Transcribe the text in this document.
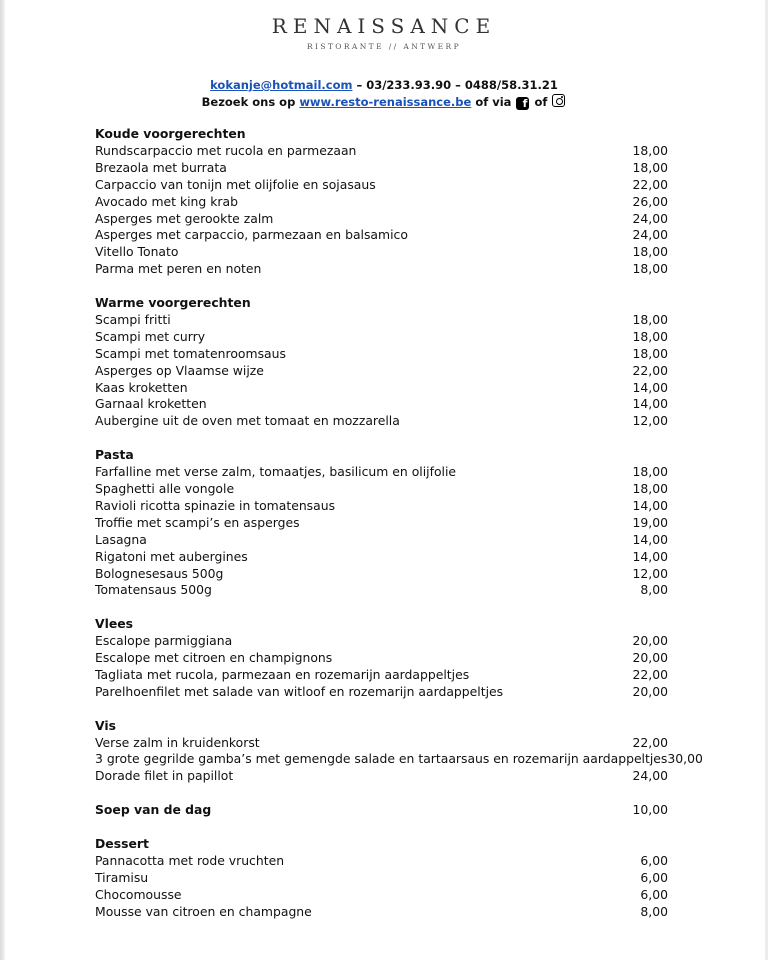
RENAISSANCE
RISTORANTE // ANTWERP
kokanje@hotmail.com – 03/233.93.90 – 0488/58.31.21
Bezoek ons op www.resto-renaissance.be of via f of
Koude voorgerechten
Rundscarpaccio met rucola en parmezaan	18,00
Brezaola met burrata	18,00
Carpaccio van tonijn met olijfolie en sojasaus	22,00
Avocado met king krab	26,00
Asperges met gerookte zalm	24,00
Asperges met carpaccio, parmezaan en balsamico	24,00
Vitello Tonato	18,00
Parma met peren en noten	18,00
Warme voorgerechten
Scampi fritti	18,00
Scampi met curry	18,00
Scampi met tomatenroomsaus	18,00
Asperges op Vlaamse wijze	22,00
Kaas kroketten	14,00
Garnaal kroketten	14,00
Aubergine uit de oven met tomaat en mozzarella	12,00
Pasta
Farfalline met verse zalm, tomaatjes, basilicum en olijfolie	18,00
Spaghetti alle vongole	18,00
Ravioli ricotta spinazie in tomatensaus	14,00
Troffie met scampi’s en asperges	19,00
Lasagna	14,00
Rigatoni met aubergines	14,00
Bolognesesaus 500g	12,00
Tomatensaus 500g	8,00
Vlees
Escalope parmiggiana	20,00
Escalope met citroen en champignons	20,00
Tagliata met rucola, parmezaan en rozemarijn aardappeltjes	22,00
Parelhoenfilet met salade van witloof en rozemarijn aardappeltjes	20,00
Vis
Verse zalm in kruidenkorst	22,00
3 grote gegrilde gamba’s met gemengde salade en tartaarsaus en rozemarijn aardappeltjes 30,00
Dorade filet in papillot	24,00
Soep van de dag	10,00
Dessert
Pannacotta met rode vruchten	6,00
Tiramisu	6,00
Chocomousse	6,00
Mousse van citroen en champagne	8,00
